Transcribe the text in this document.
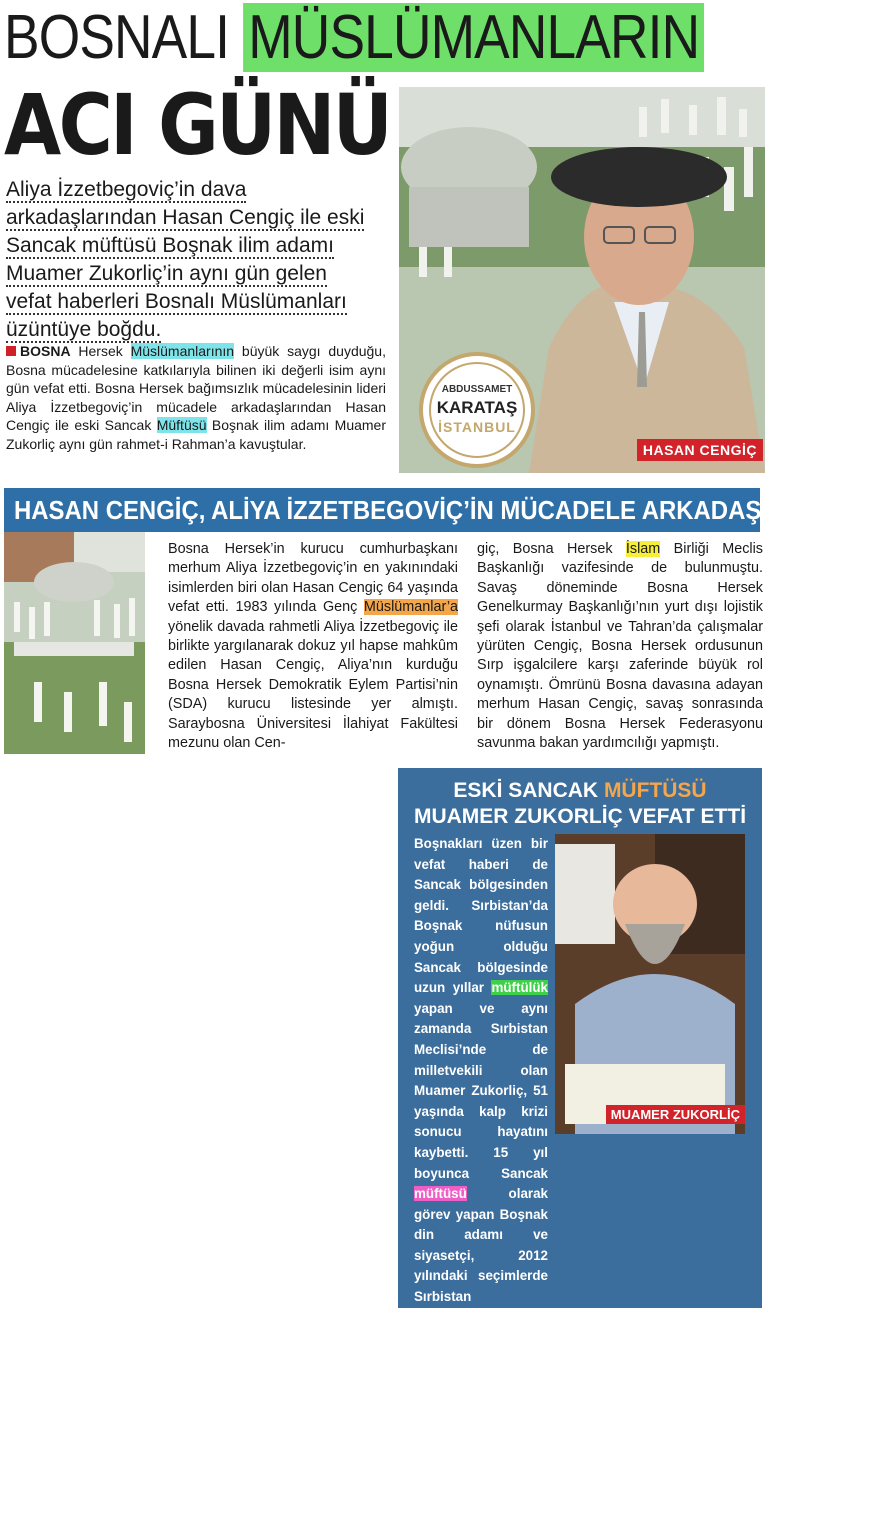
BOSNALI MÜSLÜMANLARIN
ACI GÜNÜ
Aliya İzzetbegoviç’in dava arkadaşlarından Hasan Cengiç ile eski Sancak müftüsü Boşnak ilim adamı Muamer Zukorliç’in aynı gün gelen vefat haberleri Bosnalı Müslümanları üzüntüye boğdu.
BOSNA Hersek Müslümanlarının büyük saygı duyduğu, Bosna mücadelesine katkılarıyla bilinen iki değerli isim aynı gün vefat etti. Bosna Hersek bağımsızlık mücadelesinin lideri Aliya İzzetbegoviç’in mücadele arkadaşlarından Hasan Cengiç ile eski Sancak Müftüsü Boşnak ilim adamı Muamer Zukorliç aynı gün rahmet-i Rahman’a kavuştular.	HASAN CENGİÇ
ABDUSSAMET
KARATAŞ
İSTANBUL
HASAN CENGİÇ, ALİYA İZZETBEGOVİÇ’İN MÜCADELE ARKADAŞIYDI
Bosna Hersek’in kurucu cumhurbaşkanı merhum Aliya İzzetbegoviç’in en yakınındaki isimlerden biri olan Hasan Cengiç 64 yaşında vefat etti. 1983 yılında Genç Müslümanlar’a yönelik davada rahmetli Aliya İzzetbegoviç ile birlikte yargılanarak dokuz yıl hapse mahkûm edilen Hasan Cengiç, Aliya’nın kurduğu Bosna Hersek Demokratik Eylem Partisi’nin (SDA) kurucu listesinde yer almıştı. Saraybosna Üniversitesi İlahiyat Fakültesi mezunu olan Cen-
giç, Bosna Hersek İslam Birliği Meclis Başkanlığı vazifesinde de bulunmuştu. Savaş döneminde Bosna Hersek Genelkurmay Başkanlığı’nın yurt dışı lojistik şefi olarak İstanbul ve Tahran’da çalışmalar yürüten Cengiç, Bosna Hersek ordusunun Sırp işgalcilere karşı zaferinde büyük rol oynamıştı. Ömrünü Bosna davasına adayan merhum Hasan Cengiç, savaş sonrasında bir dönem Bosna Hersek Federasyonu savunma bakan yardımcılığı yapmıştı.
ESKİ SANCAK MÜFTÜSÜ
MUAMER ZUKORLİÇ VEFAT ETTİ
Boşnakları üzen bir vefat haberi de Sancak bölgesinden geldi. Sırbistan’da Boşnak nüfusun yoğun olduğu Sancak bölgesinde uzun yıllar müftülük yapan ve aynı zamanda Sırbistan Meclisi’nde de milletvekili olan Muamer Zukorliç, 51 yaşında kalp krizi sonucu hayatını kaybetti. 15 yıl boyunca Sancak müftüsü	olarak görev yapan Boşnak din adamı ve siyasetçi, 2012 yılındaki seçimlerde Sırbistan cumhurbaşkanlığına da aday olmuştu. Zukorliç’in naaşı dün öğle namazını müteakiben Novi Pazar’da Gazi İsa Bey Meydanı’nda kılınan cenaze namazının ardından Orlje köyünde defnedildi.
MUAMER ZUKORLİÇ
